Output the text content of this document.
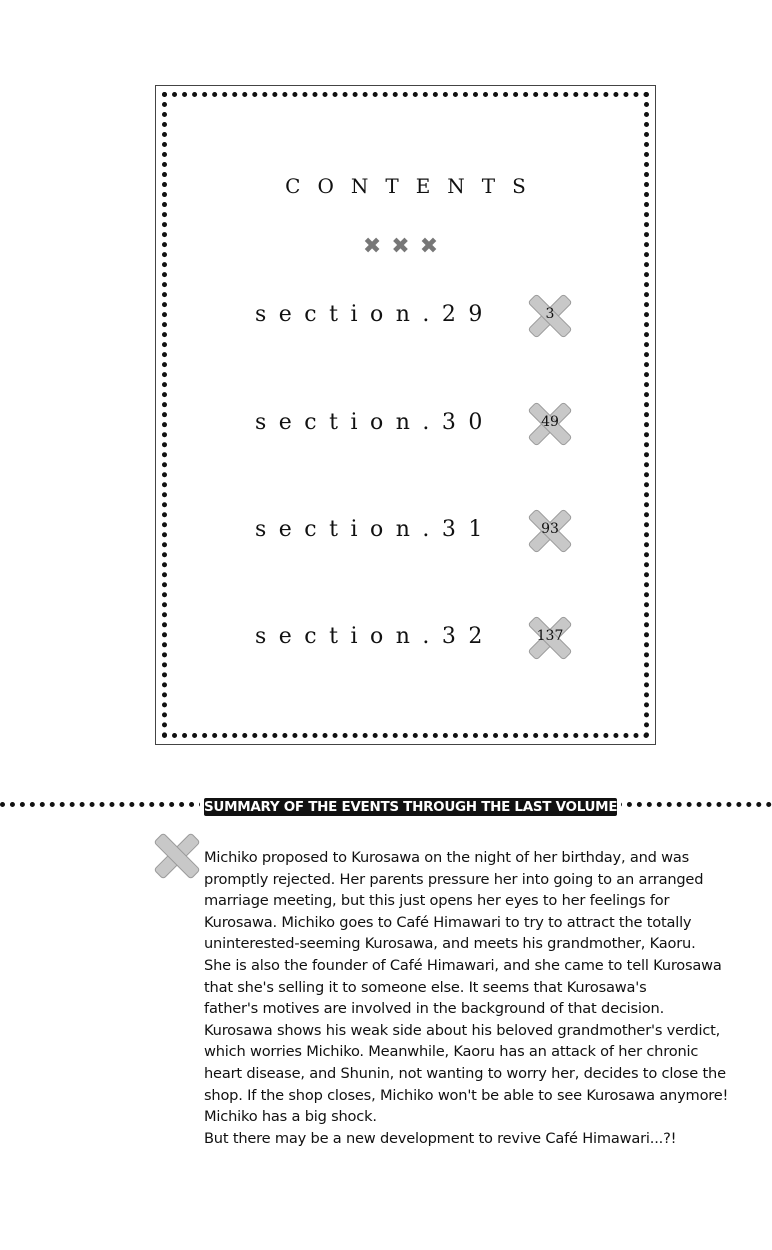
CONTENTS
✖✖✖
section.29	3
section.30	49
section.31	93
section.32	137
SUMMARY OF THE EVENTS THROUGH THE LAST VOLUME

Michiko proposed to Kurosawa on the night of her birthday, and was

promptly rejected. Her parents pressure her into going to an arranged

marriage meeting, but this just opens her eyes to her feelings for

Kurosawa. Michiko goes to Café Himawari to try to attract the totally

uninterested-seeming Kurosawa, and meets his grandmother, Kaoru.

She is also the founder of Café Himawari, and she came to tell Kurosawa

that she's selling it to someone else. It seems that Kurosawa's

father's motives are involved in the background of that decision.

Kurosawa shows his weak side about his beloved grandmother's verdict,

which worries Michiko. Meanwhile, Kaoru has an attack of her chronic

heart disease, and Shunin, not wanting to worry her, decides to close the

shop. If the shop closes, Michiko won't be able to see Kurosawa anymore!

Michiko has a big shock.

But there may be a new development to revive Café Himawari...?!
